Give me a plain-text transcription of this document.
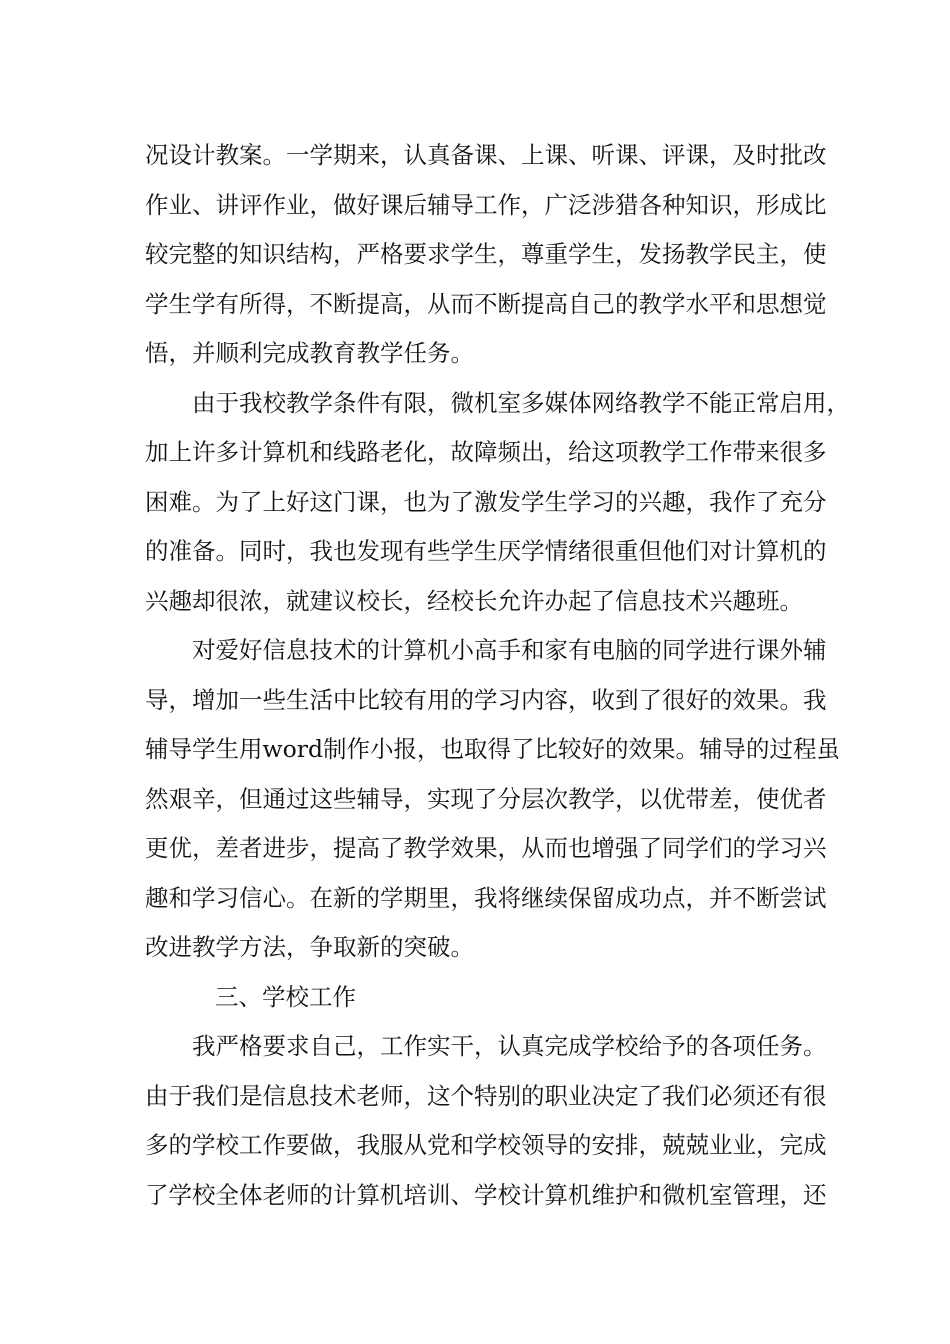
况设计教案。一学期来，认真备课、上课、听课、评课，及时批改
作业、讲评作业，做好课后辅导工作，广泛涉猎各种知识，形成比
较完整的知识结构，严格要求学生，尊重学生，发扬教学民主，使
学生学有所得，不断提高，从而不断提高自己的教学水平和思想觉
悟，并顺利完成教育教学任务。
由于我校教学条件有限，微机室多媒体网络教学不能正常启用，
加上许多计算机和线路老化，故障频出，给这项教学工作带来很多
困难。为了上好这门课，也为了激发学生学习的兴趣，我作了充分
的准备。同时，我也发现有些学生厌学情绪很重但他们对计算机的
兴趣却很浓，就建议校长，经校长允许办起了信息技术兴趣班。
对爱好信息技术的计算机小高手和家有电脑的同学进行课外辅
导，增加一些生活中比较有用的学习内容，收到了很好的效果。我
辅导学生用word制作小报，也取得了比较好的效果。辅导的过程虽
然艰辛，但通过这些辅导，实现了分层次教学，以优带差，使优者
更优，差者进步，提高了教学效果，从而也增强了同学们的学习兴
趣和学习信心。在新的学期里，我将继续保留成功点，并不断尝试
改进教学方法，争取新的突破。
三、学校工作
我严格要求自己，工作实干，认真完成学校给予的各项任务。
由于我们是信息技术老师，这个特别的职业决定了我们必须还有很
多的学校工作要做，我服从党和学校领导的安排，兢兢业业，完成
了学校全体老师的计算机培训、学校计算机维护和微机室管理，还
